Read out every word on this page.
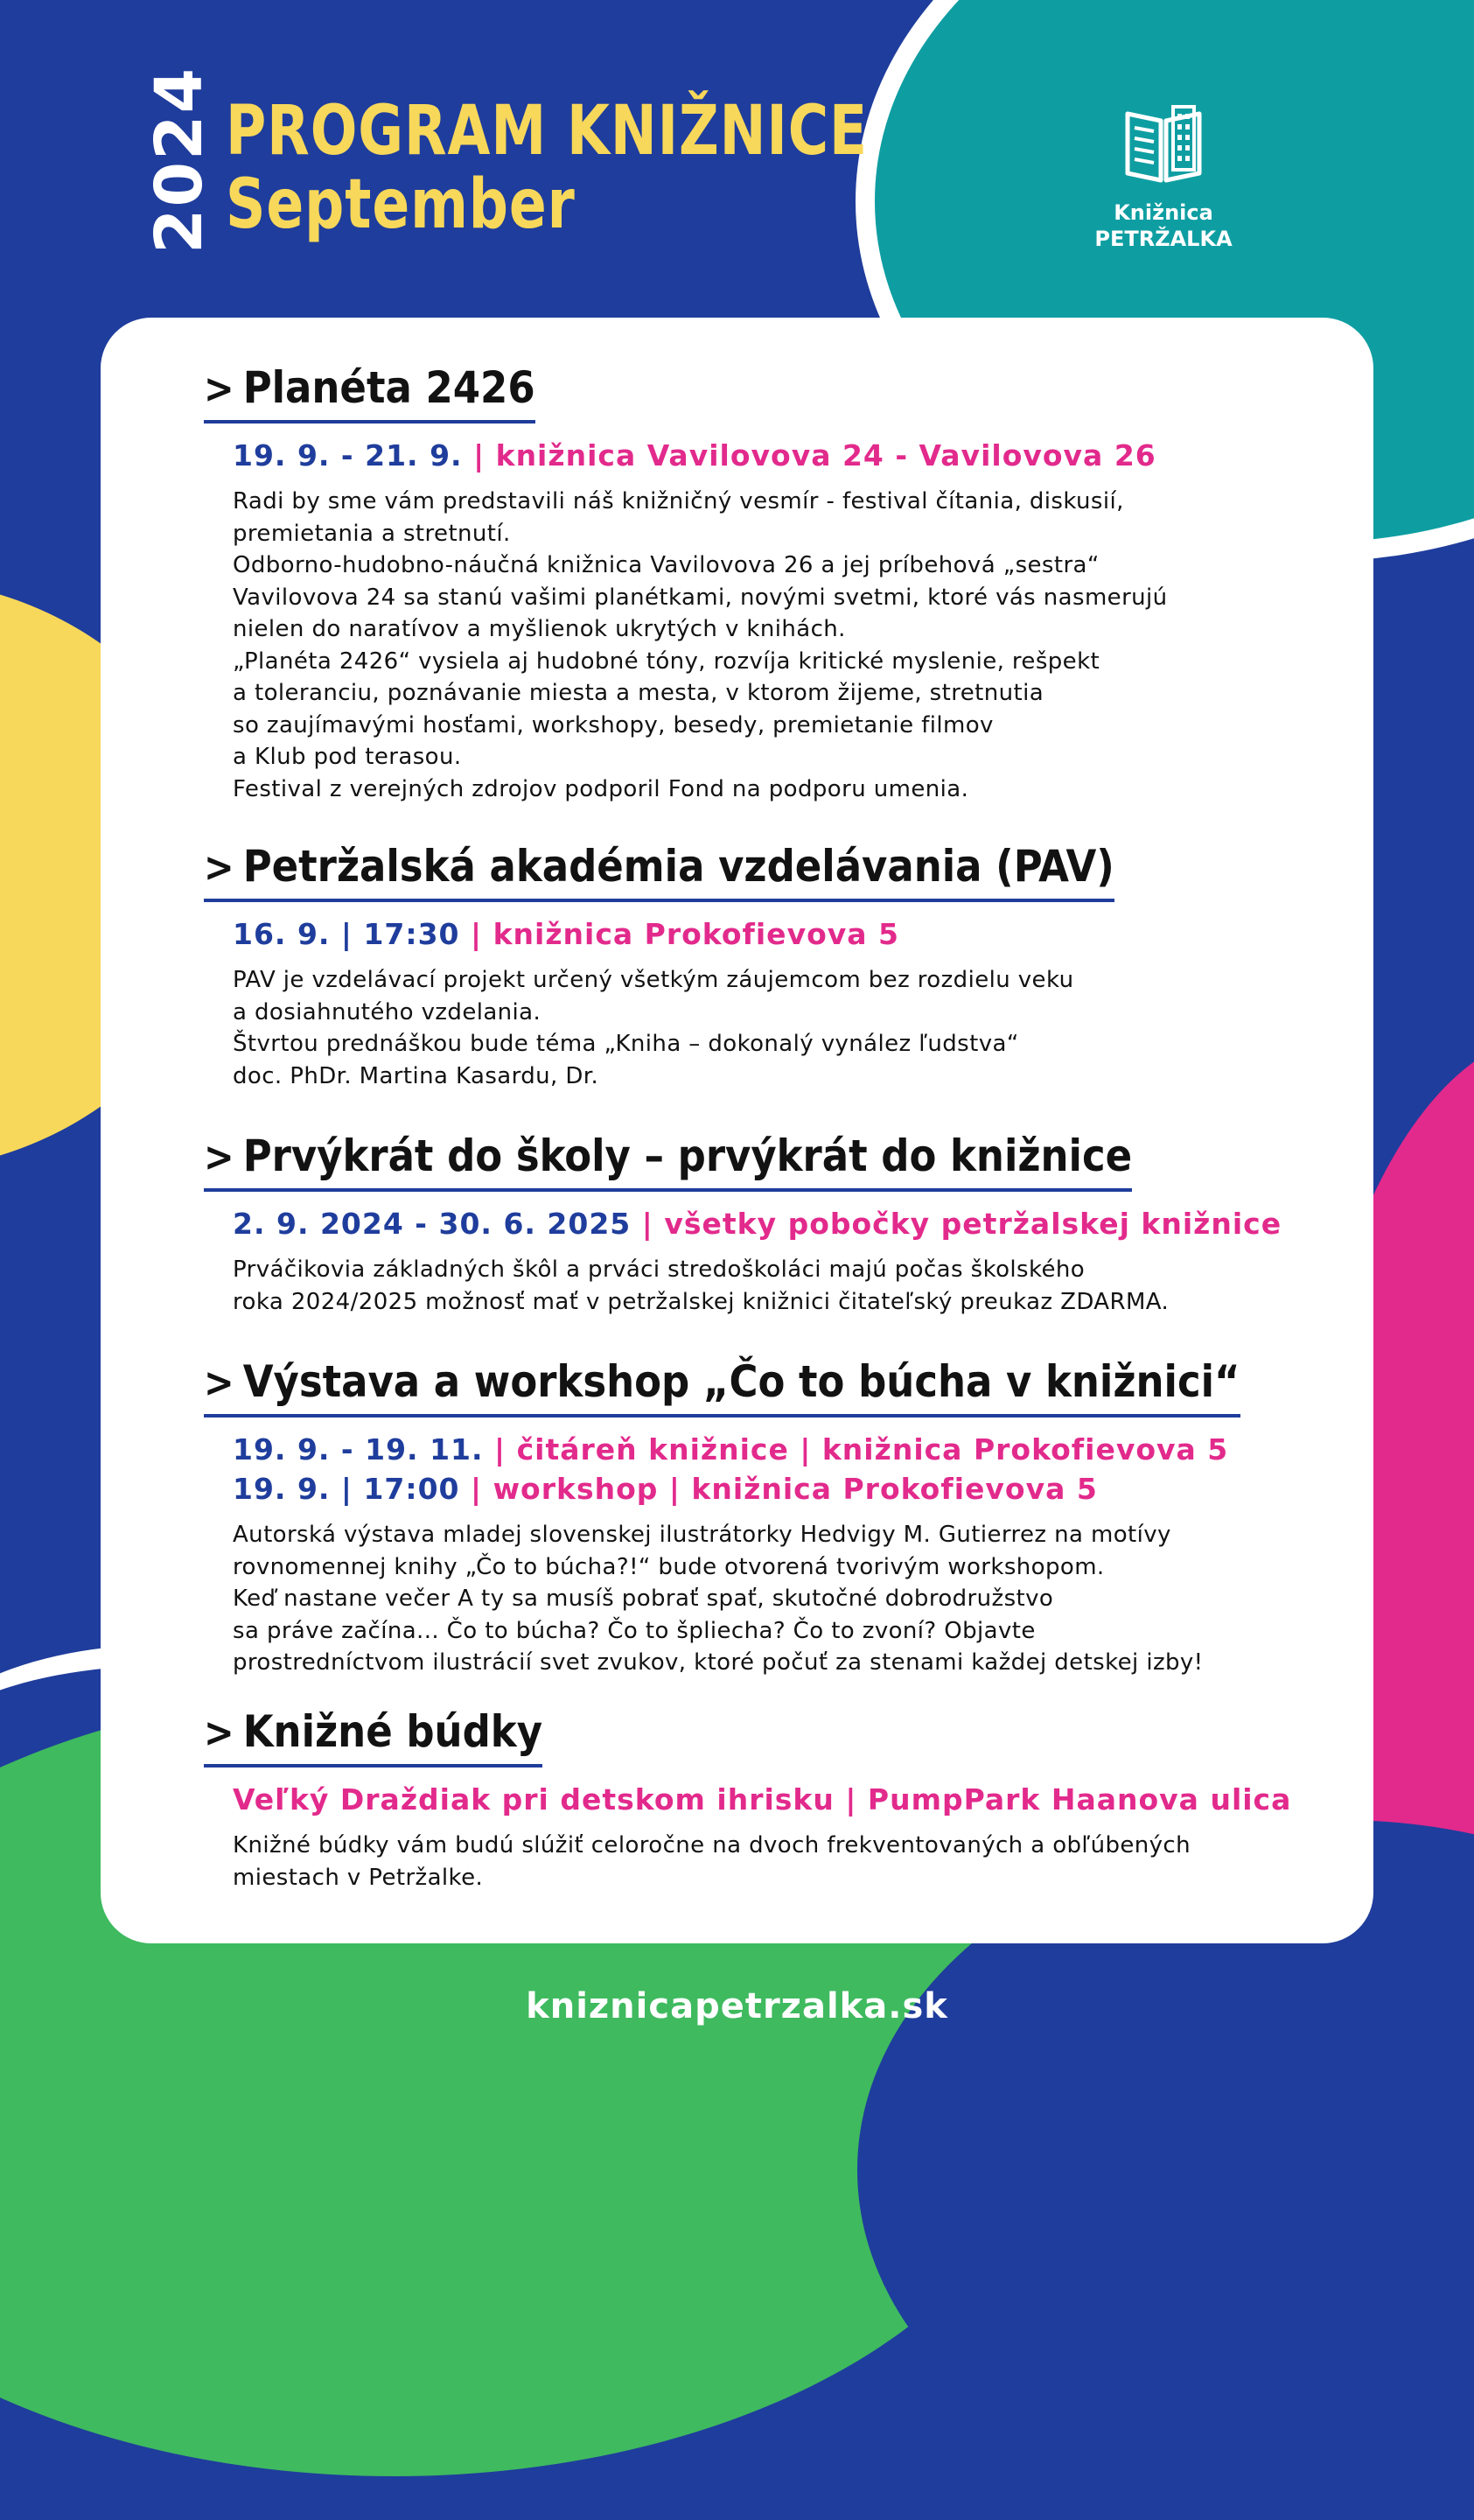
2024 PROGRAM KNIŽNICE
September	Knižnica
PETRŽALKA
> Planéta 2426
19. 9. - 21. 9. | knižnica Vavilovova 24 - Vavilovova 26
Radi by sme vám predstavili náš knižničný vesmír - festival čítania, diskusií,
premietania a stretnutí.
Odborno-hudobno-náučná knižnica Vavilovova 26 a jej príbehová „sestra“
Vavilovova 24 sa stanú vašimi planétkami, novými svetmi, ktoré vás nasmerujú
nielen do naratívov a myšlienok ukrytých v knihách.
„Planéta 2426“ vysiela aj hudobné tóny, rozvíja kritické myslenie, rešpekt
a toleranciu, poznávanie miesta a mesta, v ktorom žijeme, stretnutia
so zaujímavými hosťami, workshopy, besedy, premietanie filmov
a Klub pod terasou.
Festival z verejných zdrojov podporil Fond na podporu umenia.
> Petržalská akadémia vzdelávania (PAV)
16. 9. | 17:30 | knižnica Prokofievova 5
PAV je vzdelávací projekt určený všetkým záujemcom bez rozdielu veku
a dosiahnutého vzdelania.
Štvrtou prednáškou bude téma „Kniha – dokonalý vynález ľudstva“
doc. PhDr. Martina Kasardu, Dr.
> Prvýkrát do školy – prvýkrát do knižnice
2. 9. 2024 - 30. 6. 2025 | všetky pobočky petržalskej knižnice
Prváčikovia základných škôl a prváci stredoškoláci majú počas školského
roka 2024/2025 možnosť mať v petržalskej knižnici čitateľský preukaz ZDARMA.
> Výstava a workshop „Čo to búcha v knižnici“
19. 9. - 19. 11. | čitáreň knižnice | knižnica Prokofievova 5
19. 9. | 17:00 | workshop | knižnica Prokofievova 5
Autorská výstava mladej slovenskej ilustrátorky Hedvigy M. Gutierrez na motívy
rovnomennej knihy „Čo to búcha?!“ bude otvorená tvorivým workshopom.
Keď nastane večer A ty sa musíš pobrať spať, skutočné dobrodružstvo
sa práve začína... Čo to búcha? Čo to špliecha? Čo to zvoní? Objavte
prostredníctvom ilustrácií svet zvukov, ktoré počuť za stenami každej detskej izby!
> Knižné búdky
Veľký Draždiak pri detskom ihrisku | PumpPark Haanova ulica
Knižné búdky vám budú slúžiť celoročne na dvoch frekventovaných a obľúbených
miestach v Petržalke.
kniznicapetrzalka.sk
